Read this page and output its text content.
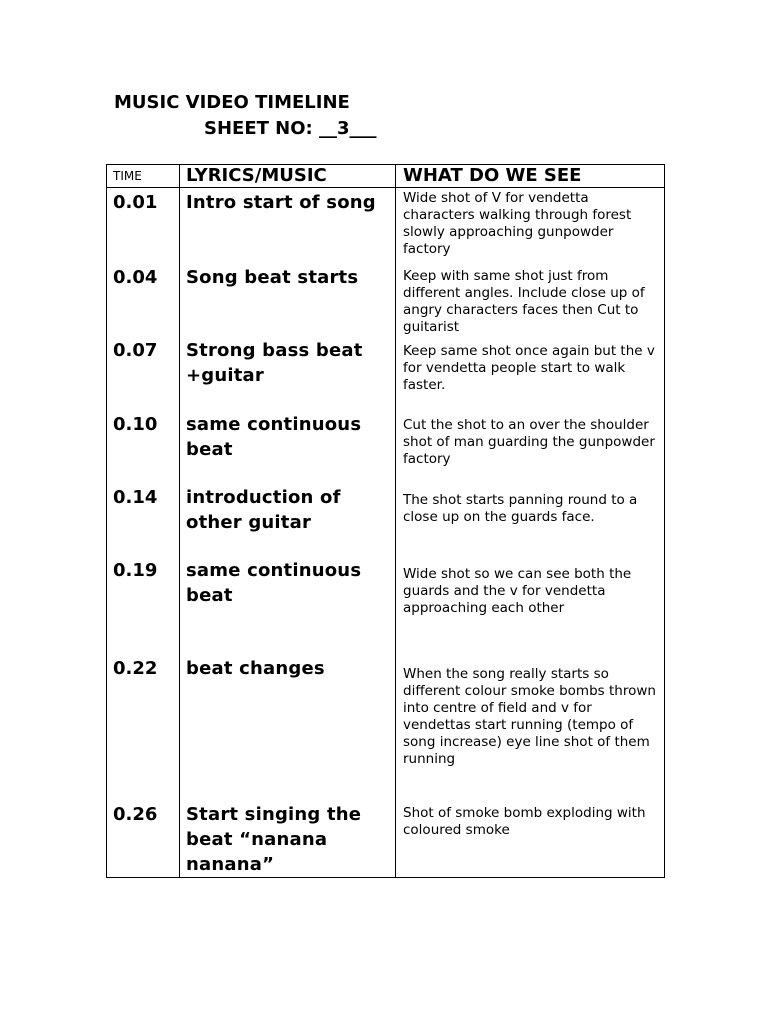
MUSIC VIDEO TIMELINE
SHEET NO: __3___
TIME	LYRICS/MUSIC	WHAT DO WE SEE
0.01	Intro start of song	Wide shot of V for vendetta characters walking through forest slowly approaching gunpowder factory
0.04	Song beat starts	Keep with same shot just from different angles. Include close up of angry characters faces then Cut to guitarist
0.07	Strong bass beat +guitar	Keep same shot once again but the v for vendetta people start to walk faster.
0.10	same continuous beat	Cut the shot to an over the shoulder shot of man guarding the gunpowder factory
0.14	introduction of other guitar	The shot starts panning round to a close up on the guards face.
0.19	same continuous beat	Wide shot so we can see both the guards and the v for vendetta approaching each other
0.22	beat changes	When the song really starts so different colour smoke bombs thrown into centre of field and v for vendettas start running (tempo of song increase) eye line shot of them running
0.26	Start singing the beat “nanana nanana”	Shot of smoke bomb exploding with coloured smoke
